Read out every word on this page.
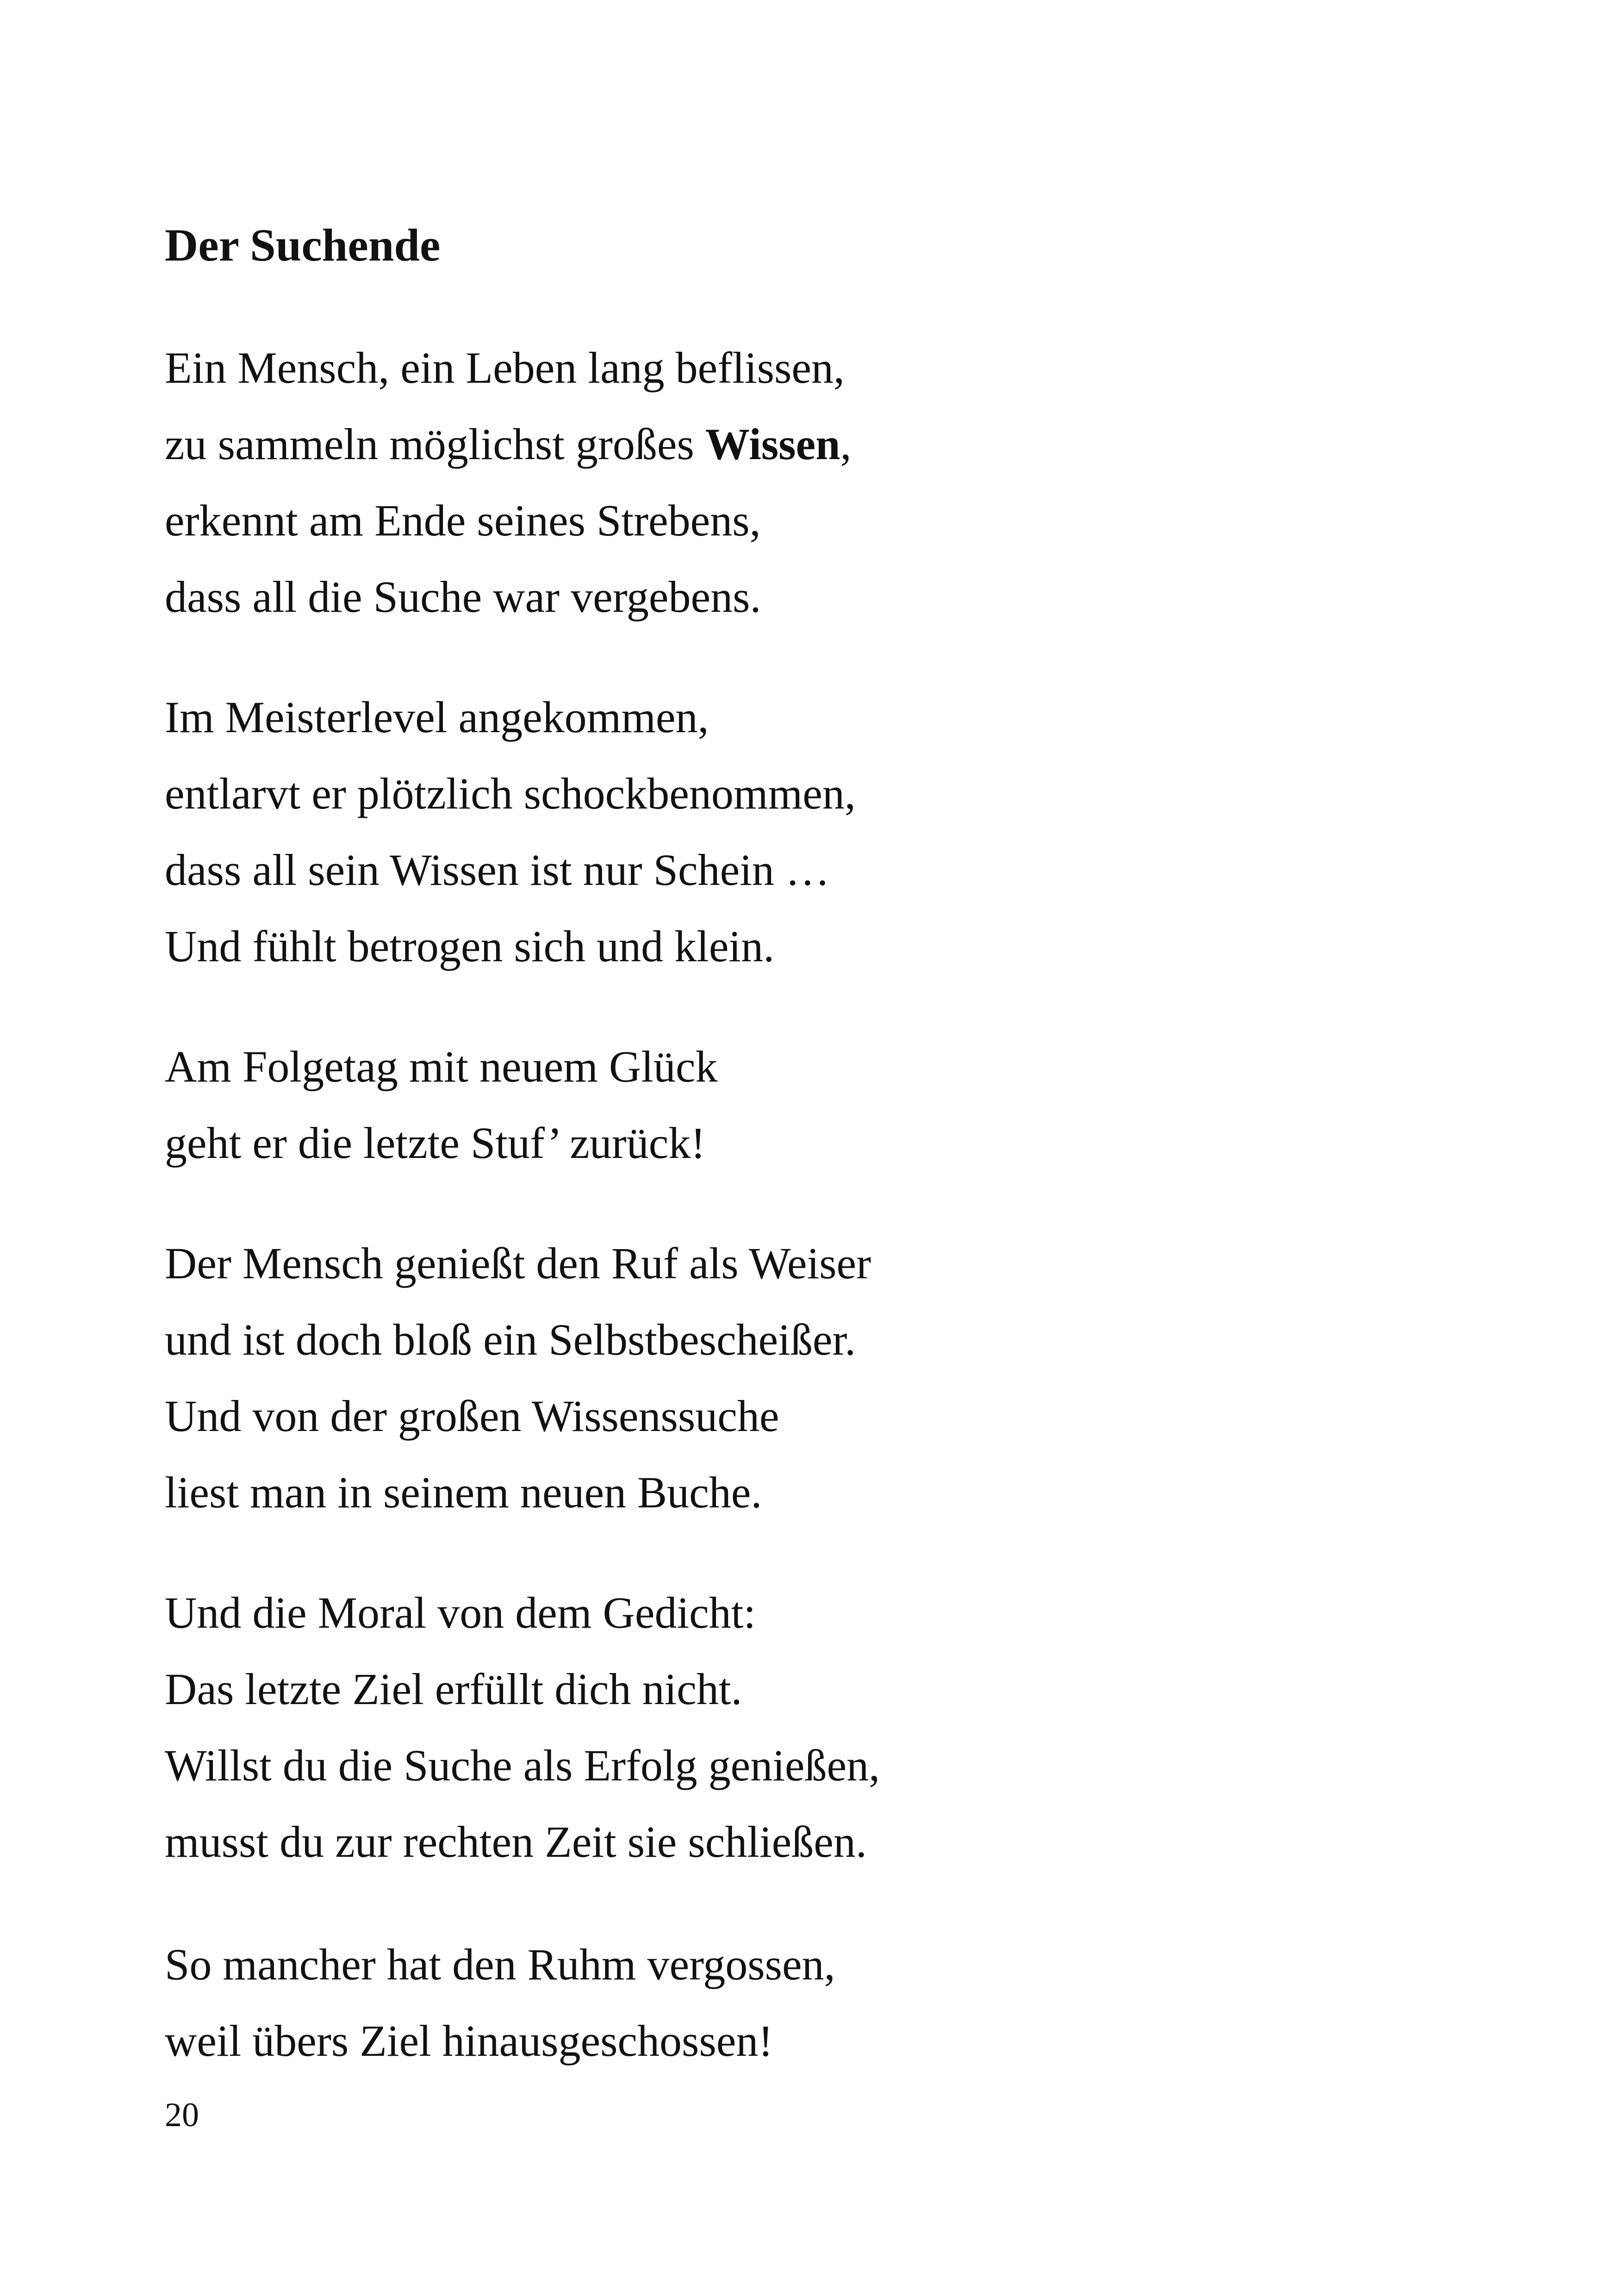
Der Suchende

Ein Mensch, ein Leben lang beflissen,

zu sammeln möglichst großes Wissen,

erkennt am Ende seines Strebens,

dass all die Suche war vergebens.

Im Meisterlevel angekommen,

entlarvt er plötzlich schockbenommen,

dass all sein Wissen ist nur Schein …

Und fühlt betrogen sich und klein.

Am Folgetag mit neuem Glück

geht er die letzte Stuf’ zurück!

Der Mensch genießt den Ruf als Weiser

und ist doch bloß ein Selbstbescheißer.

Und von der großen Wissenssuche

liest man in seinem neuen Buche.

Und die Moral von dem Gedicht:

Das letzte Ziel erfüllt dich nicht.

Willst du die Suche als Erfolg genießen,

musst du zur rechten Zeit sie schließen.

So mancher hat den Ruhm vergossen,

weil übers Ziel hinausgeschossen!

20
